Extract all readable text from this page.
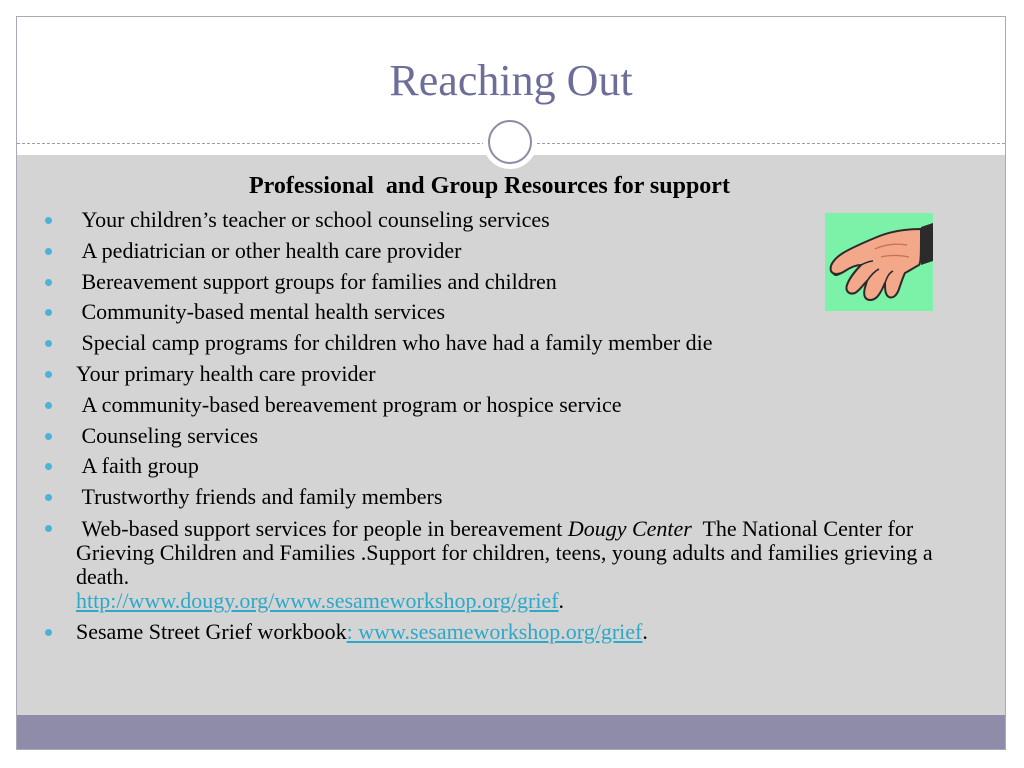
Reaching Out
Professional  and Group Resources for support
Your children’s teacher or school counseling services
A pediatrician or other health care provider
Bereavement support groups for families and children
Community-based mental health services
Special camp programs for children who have had a family member die
Your primary health care provider
A community-based bereavement program or hospice service
Counseling services
A faith group
Trustworthy friends and family members
Web-based support services for people in bereavement Dougy Center  The National Center for Grieving Children and Families .Support for children, teens, young adults and families grieving a death.
http://www.dougy.org/www.sesameworkshop.org/grief.
Sesame Street Grief workbook: www.sesameworkshop.org/grief.
